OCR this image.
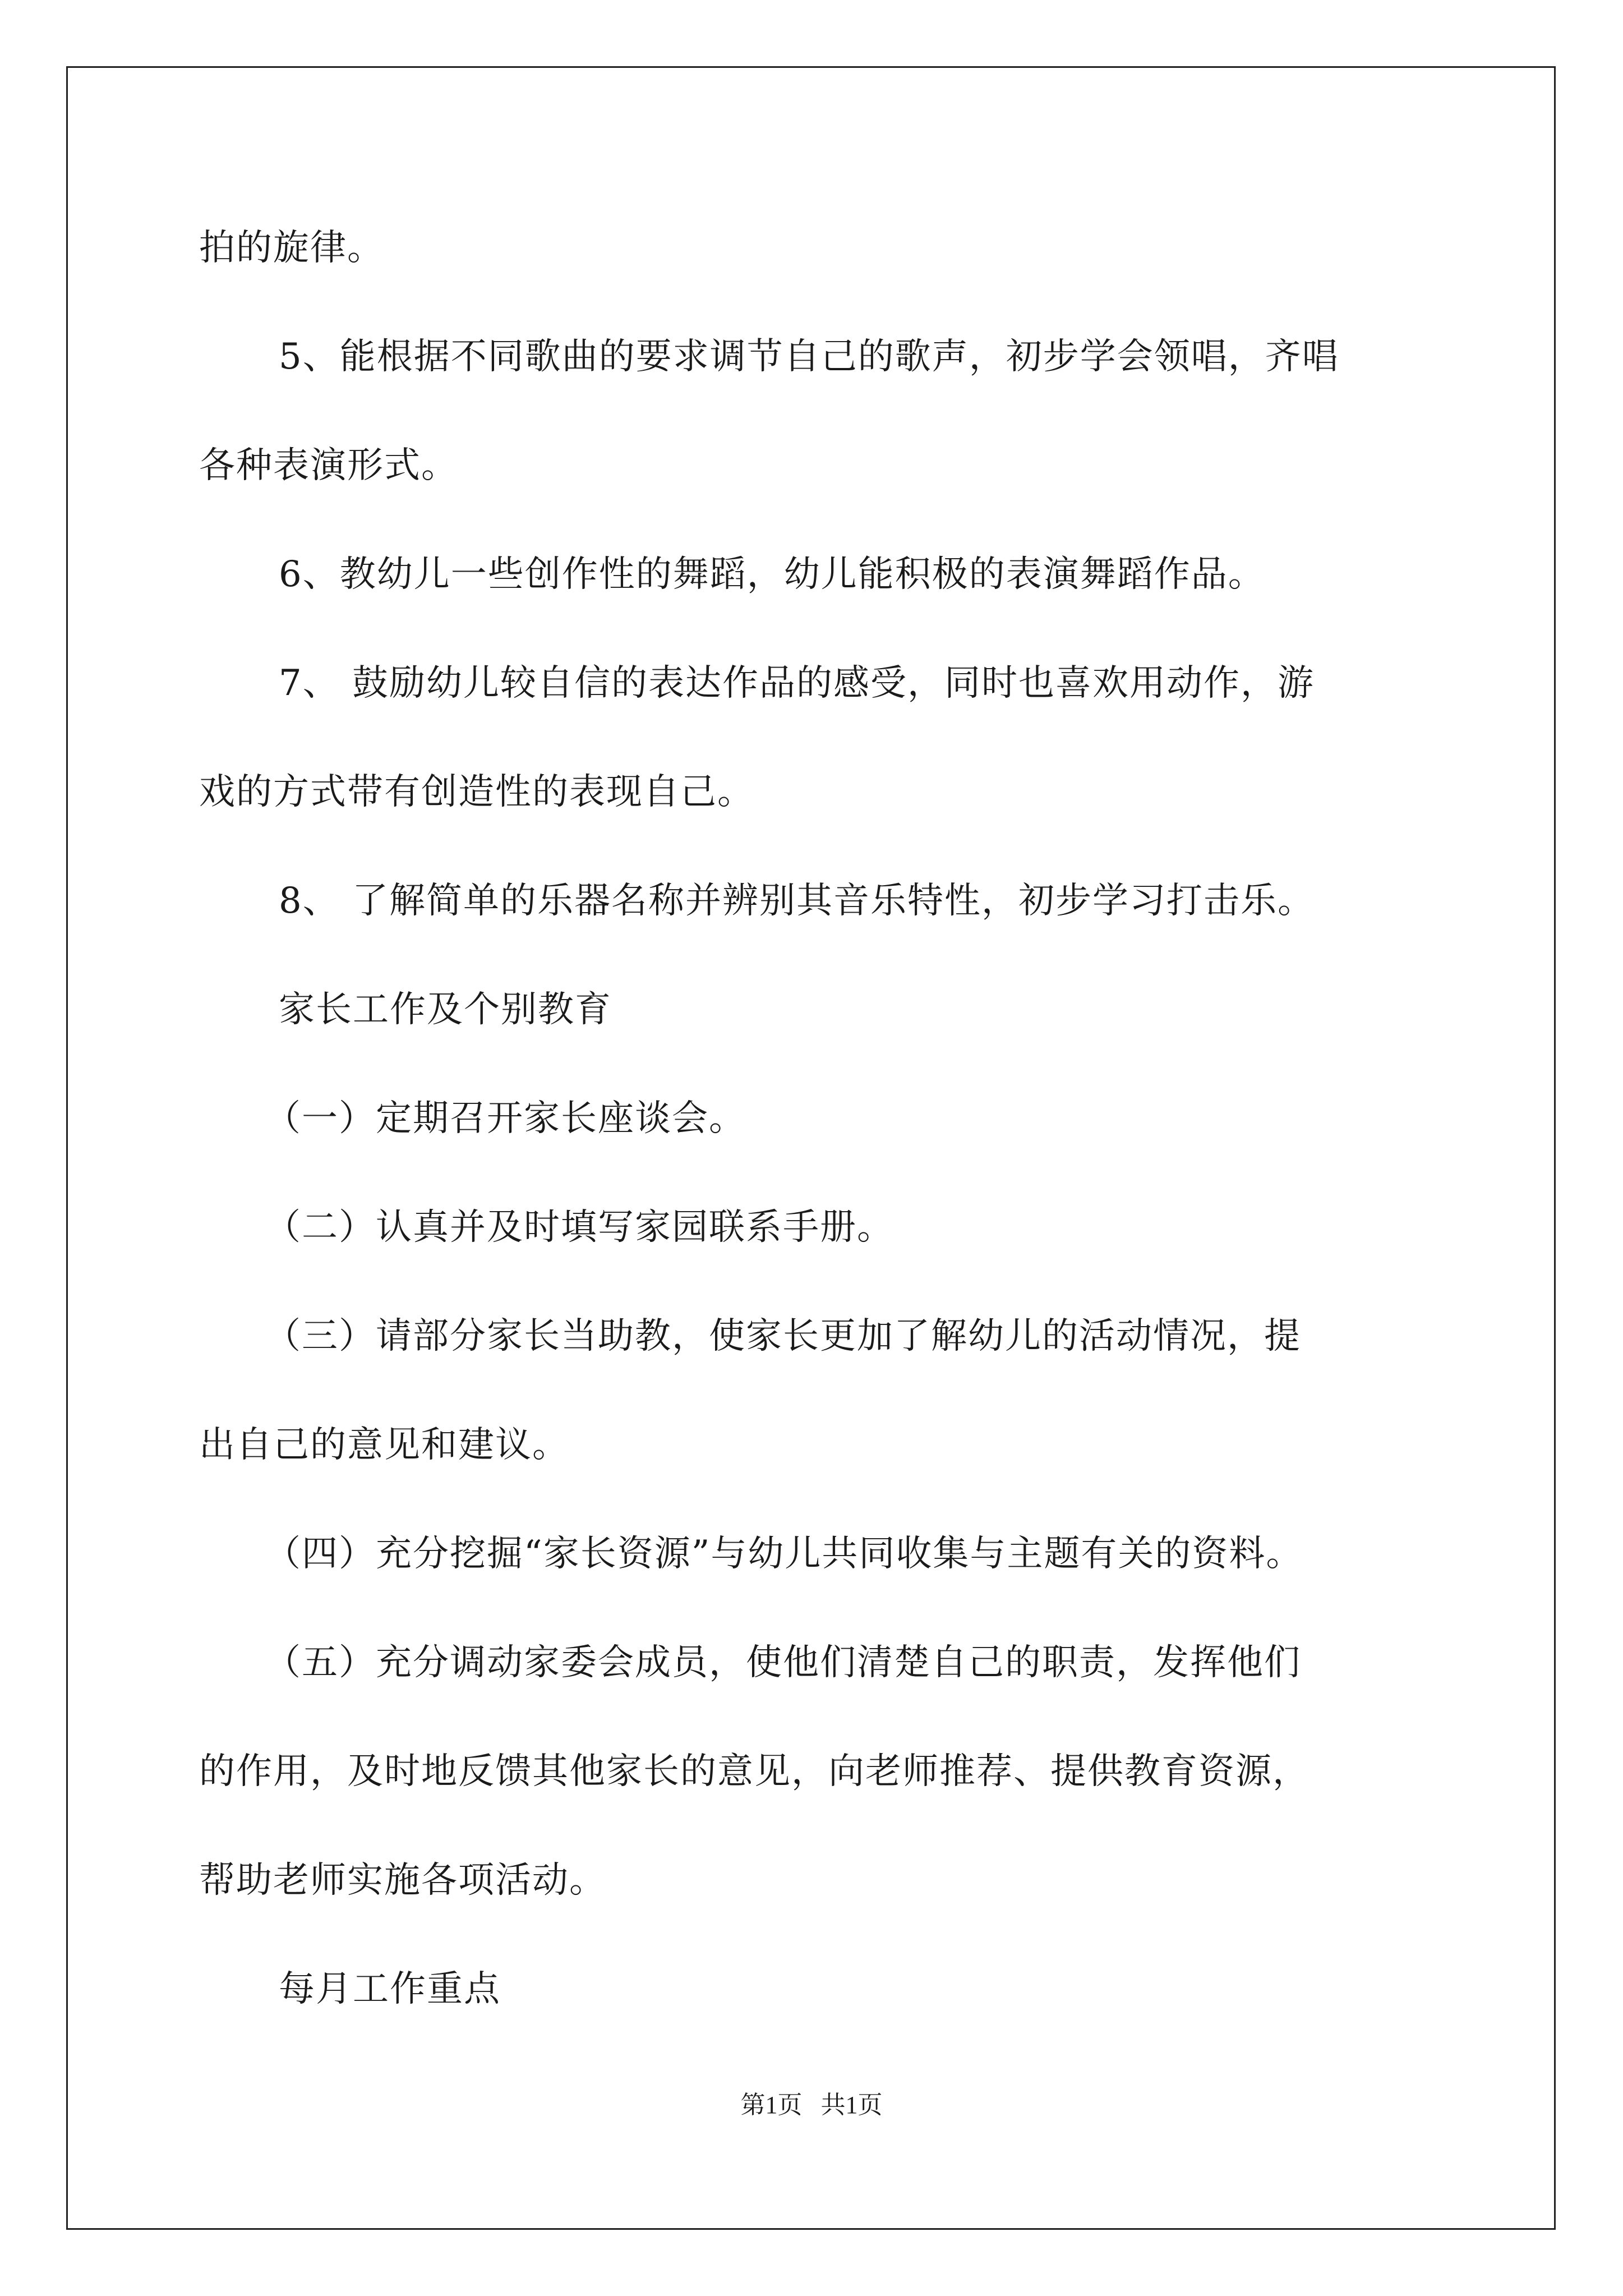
拍的旋律。

5、能根据不同歌曲的要求调节自己的歌声，初步学会领唱，齐唱

各种表演形式。

6、教幼儿一些创作性的舞蹈，幼儿能积极的表演舞蹈作品。

7、 鼓励幼儿较自信的表达作品的感受，同时也喜欢用动作，游

戏的方式带有创造性的表现自己。

8、 了解简单的乐器名称并辨别其音乐特性，初步学习打击乐。

家长工作及个别教育

（一）定期召开家长座谈会。

（二）认真并及时填写家园联系手册。

（三）请部分家长当助教，使家长更加了解幼儿的活动情况，提

出自己的意见和建议。

（四）充分挖掘“家长资源”与幼儿共同收集与主题有关的资料。

（五）充分调动家委会成员，使他们清楚自己的职责，发挥他们

的作用，及时地反馈其他家长的意见，向老师推荐、提供教育资源，

帮助老师实施各项活动。

每月工作重点

第1页   共1页
